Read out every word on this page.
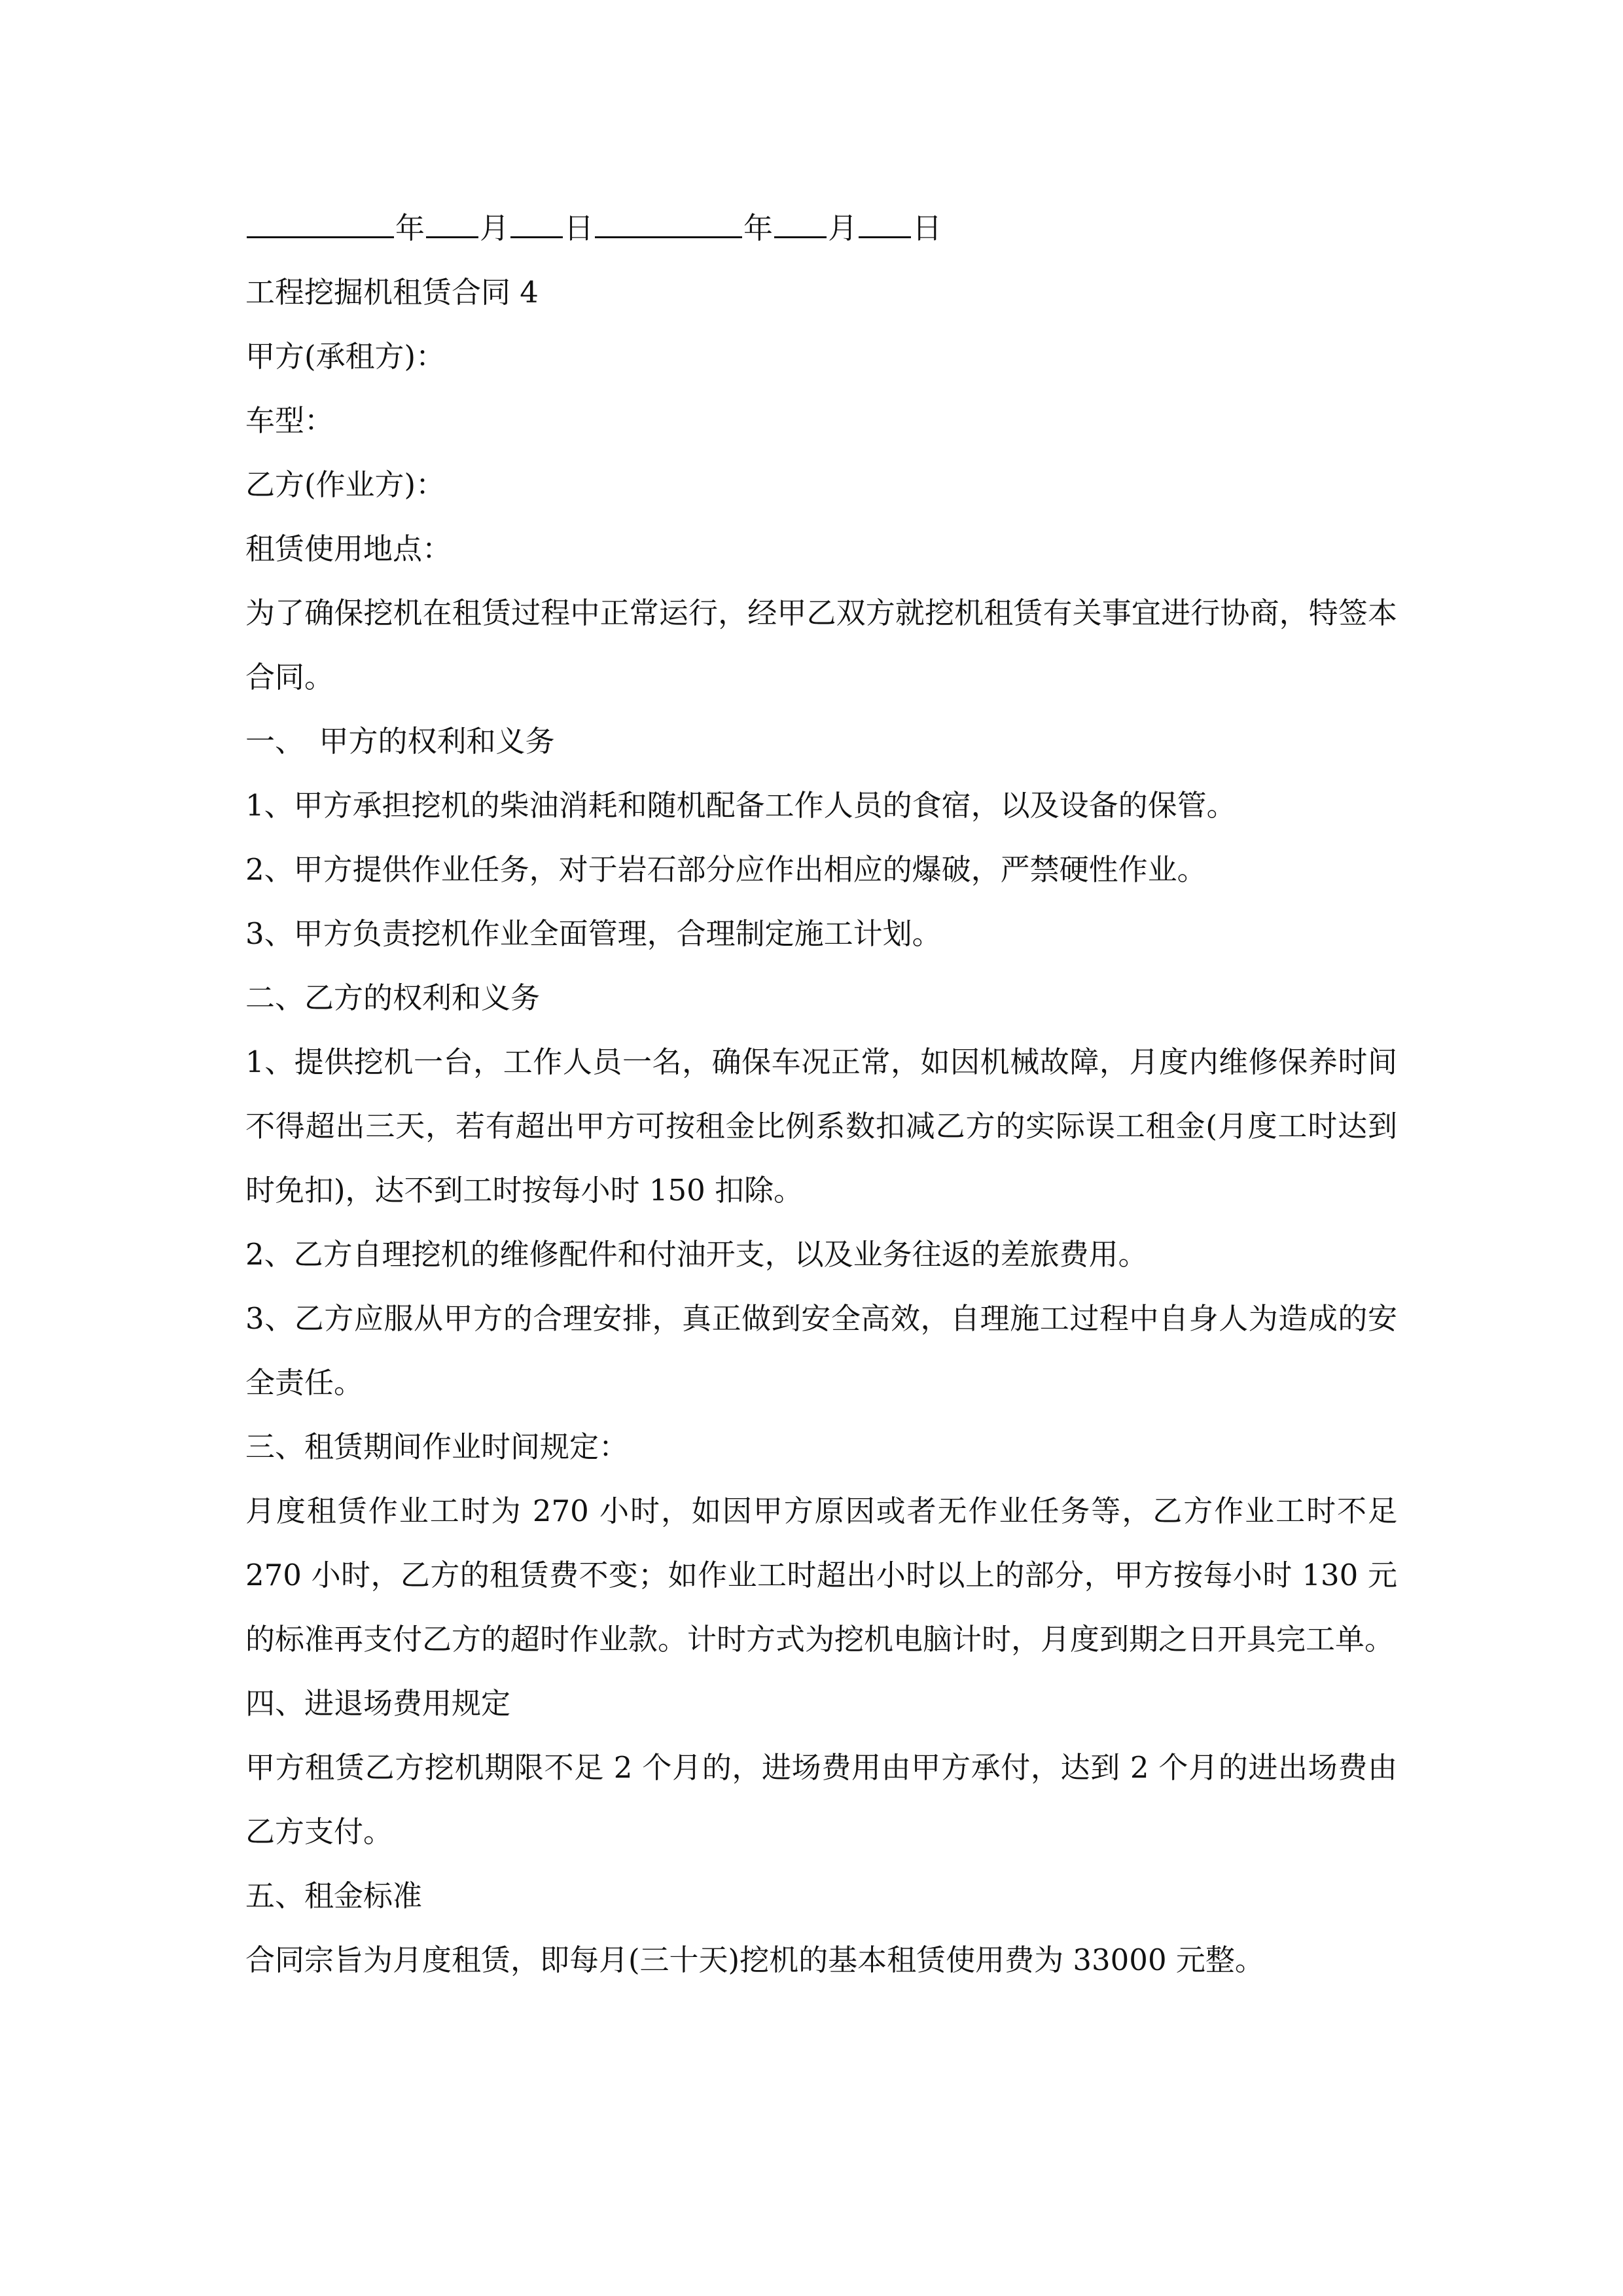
年 月 日	年 月 日
工程挖掘机租赁合同 4
甲方(承租方)：
车型：
乙方(作业方)：
租赁使用地点：
为了确保挖机在租赁过程中正常运行，经甲乙双方就挖机租赁有关事宜进行协商，特签本合同。
一、　甲方的权利和义务
1、甲方承担挖机的柴油消耗和随机配备工作人员的食宿，以及设备的保管。
2、甲方提供作业任务，对于岩石部分应作出相应的爆破，严禁硬性作业。
3、甲方负责挖机作业全面管理，合理制定施工计划。
二、乙方的权利和义务
1、提供挖机一台，工作人员一名，确保车况正常，如因机械故障，月度内维修保养时间不得超出三天，若有超出甲方可按租金比例系数扣减乙方的实际误工租金(月度工时达到时免扣)，达不到工时按每小时 150 扣除。
2、乙方自理挖机的维修配件和付油开支，以及业务往返的差旅费用。
3、乙方应服从甲方的合理安排，真正做到安全高效，自理施工过程中自身人为造成的安全责任。
三、租赁期间作业时间规定：
月度租赁作业工时为 270 小时，如因甲方原因或者无作业任务等，乙方作业工时不足 270 小时，乙方的租赁费不变；如作业工时超出小时以上的部分，甲方按每小时 130 元的标准再支付乙方的超时作业款。计时方式为挖机电脑计时，月度到期之日开具完工单。
四、进退场费用规定
甲方租赁乙方挖机期限不足 2 个月的，进场费用由甲方承付，达到 2 个月的进出场费由乙方支付。
五、租金标准
合同宗旨为月度租赁，即每月(三十天)挖机的基本租赁使用费为 33000 元整。
